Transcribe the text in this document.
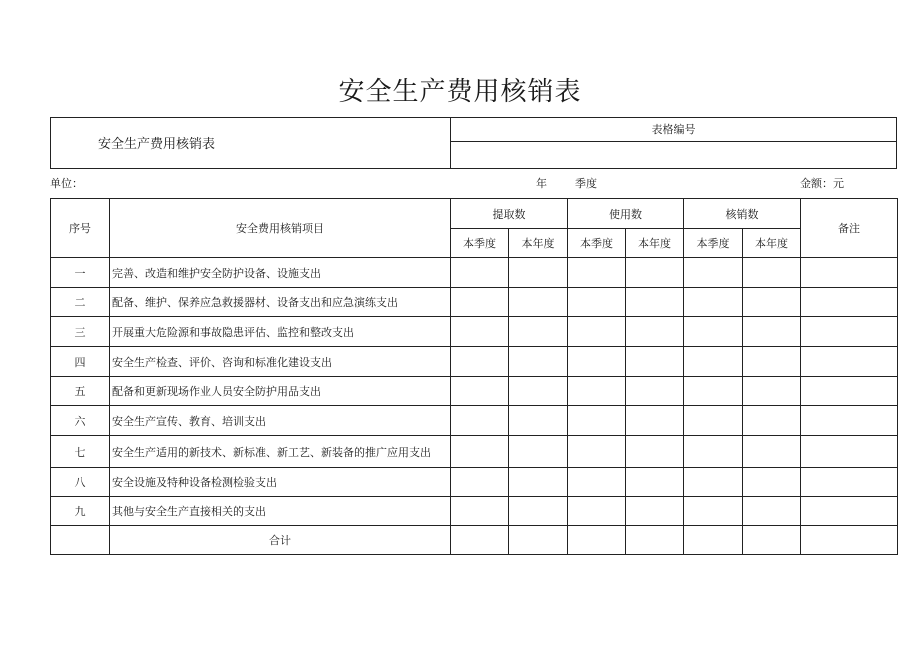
安全生产费用核销表
安全生产费用核销表
表格编号
单位：	年	季度	金额：元
序号	安全费用核销项目	提取数		使用数		核销数		备注
		本季度	本年度	本季度	本年度	本季度	本年度	
一	完善、改造和维护安全防护设备、设施支出							
二	配备、维护、保养应急救援器材、设备支出和应急演练支出							
三	开展重大危险源和事故隐患评估、监控和整改支出							
四	安全生产检查、评价、咨询和标准化建设支出							
五	配备和更新现场作业人员安全防护用品支出							
六	安全生产宣传、教育、培训支出							
七	安全生产适用的新技术、新标准、新工艺、新装备的推广应用支出							
八	安全设施及特种设备检测检验支出							
九	其他与安全生产直接相关的支出							
	合计							
